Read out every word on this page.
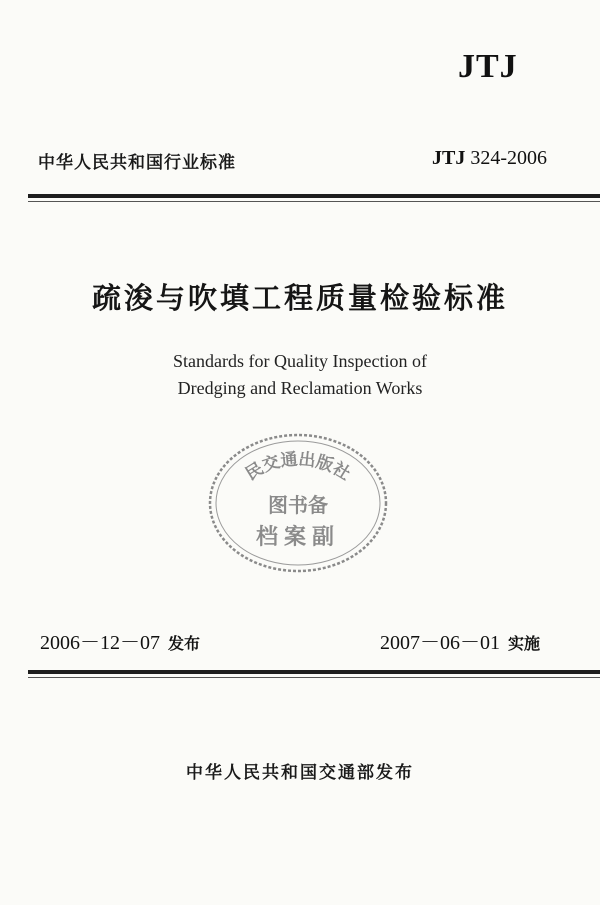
JTJ
中华人民共和国行业标准	JTJ 324-2006
疏浚与吹填工程质量检验标准
Standards for Quality Inspection of
Dredging and Reclamation Works
民交通出版社
图书备
档案副
2006－12－07 发布	2007－06－01 实施
中华人民共和国交通部发布
